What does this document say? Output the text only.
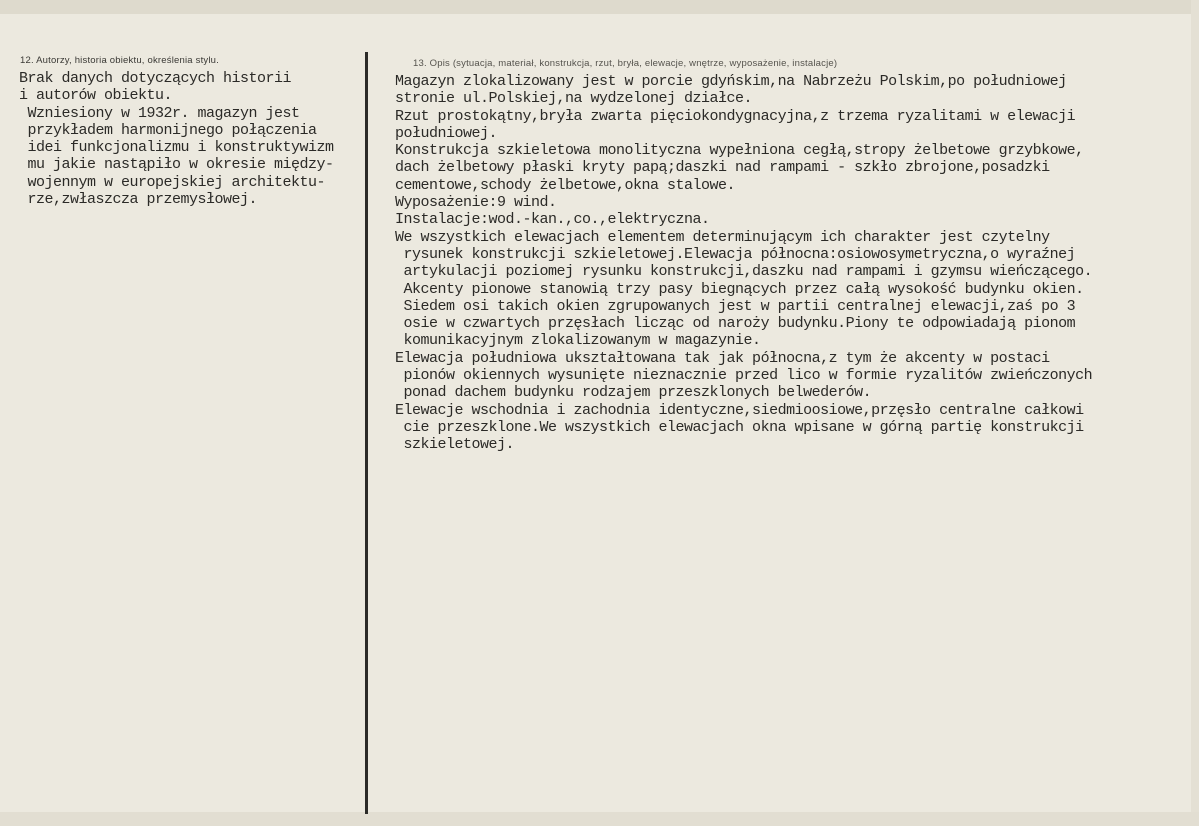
12. Autorzy, historia obiektu, określenia stylu.
Brak danych dotyczących historii
i autorów obiektu.
Wzniesiony w 1932r. magazyn jest
przykładem harmonijnego połączenia
idei funkcjonalizmu i konstruktywizm
mu jakie nastąpiło w okresie między-
wojennym w europejskiej architektu-
rze,zwłaszcza przemysłowej.
13. Opis (sytuacja, materiał, konstrukcja, rzut, bryła, elewacje, wnętrze, wyposażenie, instalacje)
Magazyn zlokalizowany jest w porcie gdyńskim,na Nabrzeżu Polskim,po południowej
stronie ul.Polskiej,na wydzelonej działce.
Rzut prostokątny,bryła zwarta pięciokondygnacyjna,z trzema ryzalitami w elewacji
południowej.
Konstrukcja szkieletowa monolityczna wypełniona cegłą,stropy żelbetowe grzybkowe,
dach żelbetowy płaski kryty papą;daszki nad rampami - szkło zbrojone,posadzki
cementowe,schody żelbetowe,okna stalowe.
Wyposażenie:9 wind.
Instalacje:wod.-kan.,co.,elektryczna.
We wszystkich elewacjach elementem determinującym ich charakter jest czytelny
rysunek konstrukcji szkieletowej.Elewacja północna:osiowosymetryczna,o wyraźnej
artykulacji poziomej rysunku konstrukcji,daszku nad rampami i gzymsu wieńczącego.
Akcenty pionowe stanowią trzy pasy biegnących przez całą wysokość budynku okien.
Siedem osi takich okien zgrupowanych jest w partii centralnej elewacji,zaś po 3
osie w czwartych przęsłach licząc od naroży budynku.Piony te odpowiadają pionom
komunikacyjnym zlokalizowanym w magazynie.
Elewacja południowa ukształtowana tak jak północna,z tym że akcenty w postaci
pionów okiennych wysunięte nieznacznie przed lico w formie ryzalitów zwieńczonych
ponad dachem budynku rodzajem przeszklonych belwederów.
Elewacje wschodnia i zachodnia identyczne,siedmioosiowe,przęsło centralne całkowi
cie przeszklone.We wszystkich elewacjach okna wpisane w górną partię konstrukcji
szkieletowej.
